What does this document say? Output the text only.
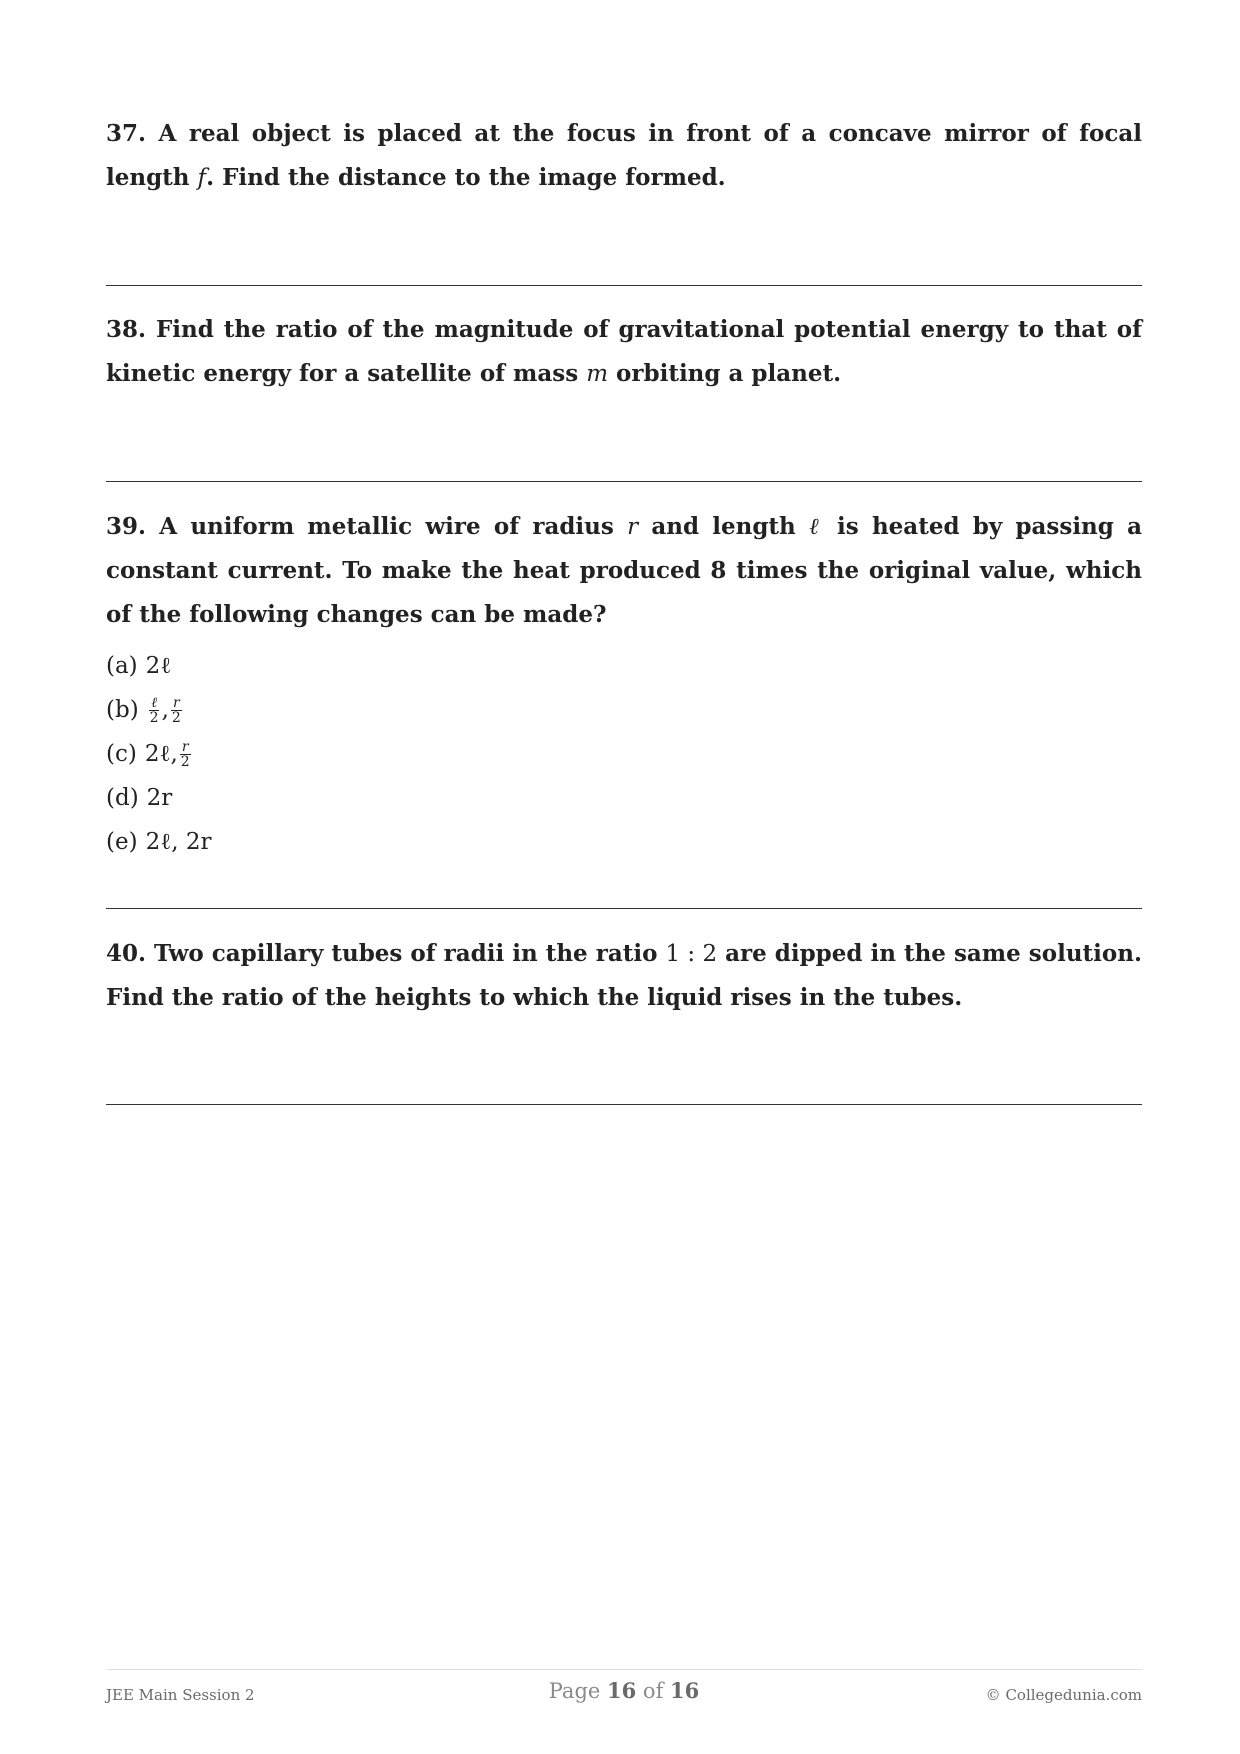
37. A real object is placed at the focus in front of a concave mirror of focal length f. Find the distance to the image formed.

38. Find the ratio of the magnitude of gravitational potential energy to that of kinetic energy for a satellite of mass m orbiting a planet.

39. A uniform metallic wire of radius r and length ℓ is heated by passing a constant current. To make the heat produced 8 times the original value, which of the following changes can be made?

(a) 2ℓ
$(b) \frac{\text{ℓ}}{2}$ , $\frac{r}{2}$
(c) 2ℓ, $\frac{r}{2}$
(d) 2r
(e) 2ℓ, 2r

40. Two capillary tubes of radii in the ratio 1 : 2 are dipped in the same solution. Find the ratio of the heights to which the liquid rises in the tubes.

JEE Main Session 2	Page 16 of 16	© Collegedunia.com
